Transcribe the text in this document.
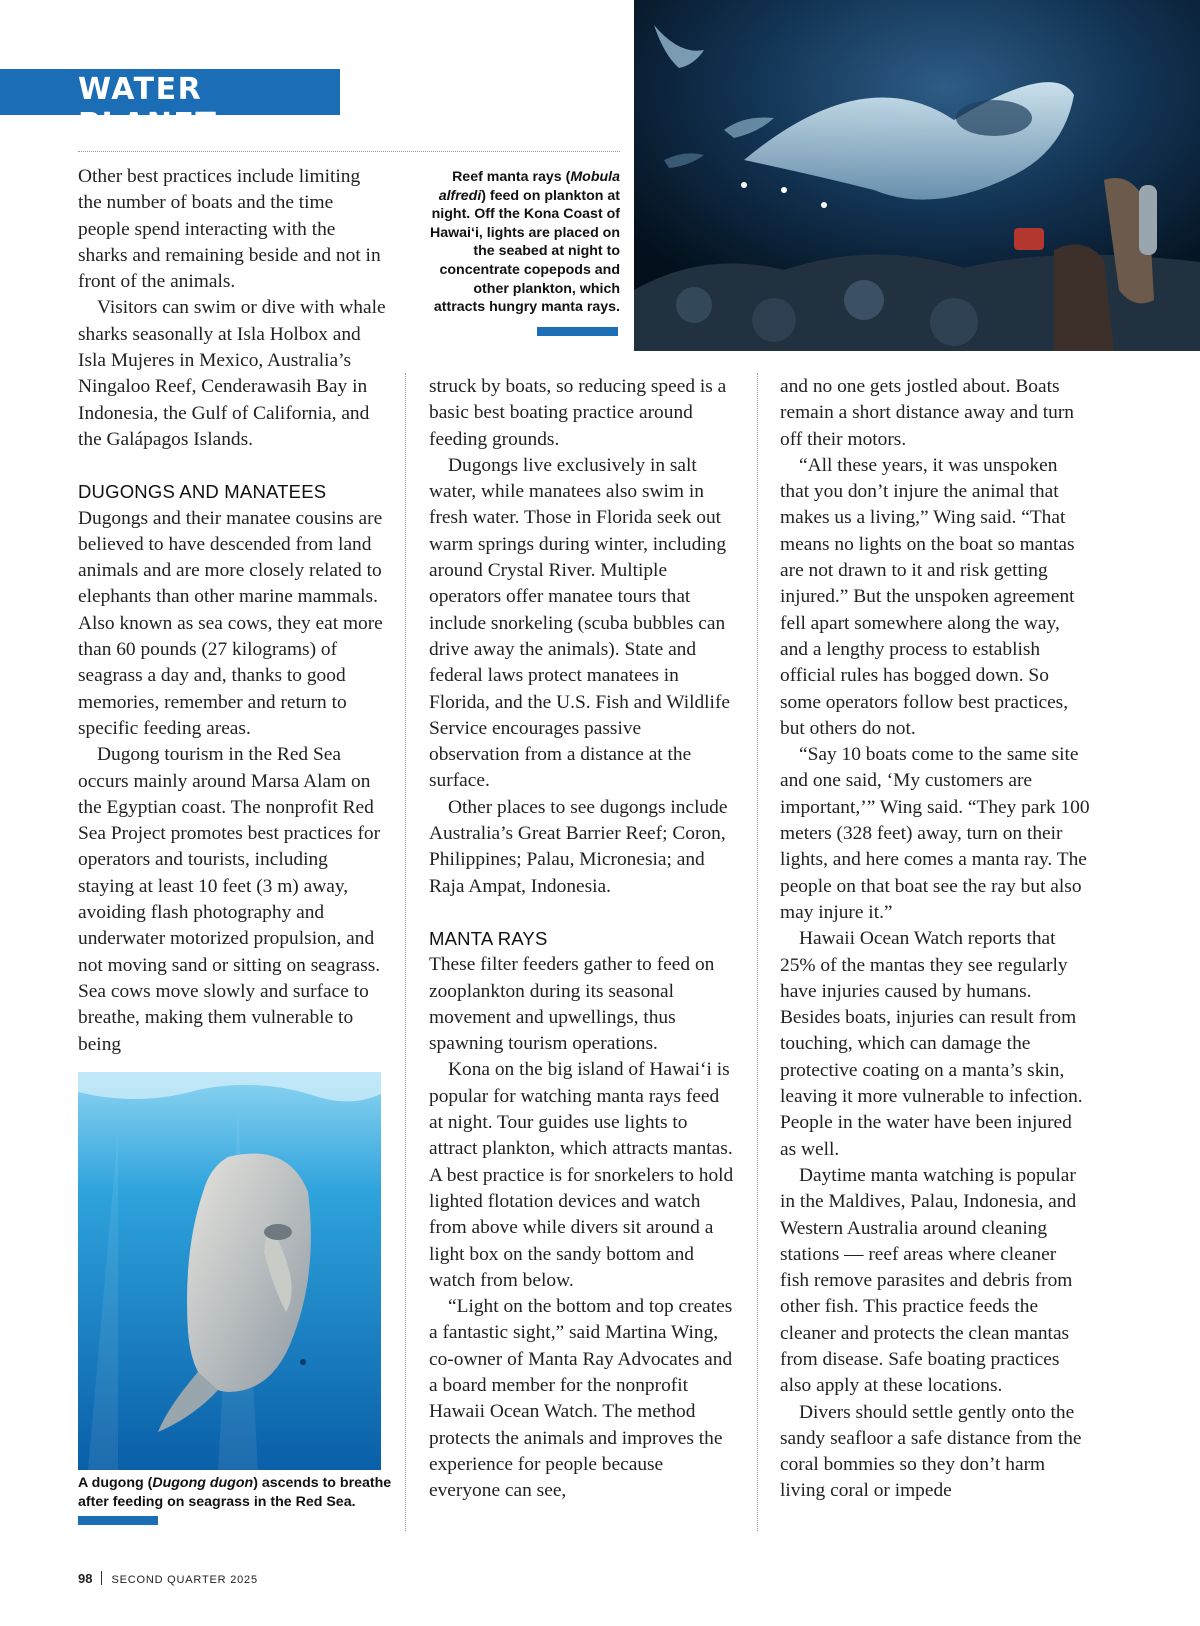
WATER PLANET
Reef manta rays (Mobula alfredi) feed on plankton at night. Off the Kona Coast of Hawai‘i, lights are placed on the seabed at night to concentrate copepods and other plankton, which attracts hungry manta rays.

Other best practices include limiting the number of boats and the time people spend interacting with the sharks and remaining beside and not in front of the animals.

Visitors can swim or dive with whale sharks seasonally at Isla Holbox and Isla Mujeres in Mexico, Australia’s Ningaloo Reef, Cenderawasih Bay in Indonesia, the Gulf of California, and the Galápagos Islands.

DUGONGS AND MANATEES

Dugongs and their manatee cousins are believed to have descended from land animals and are more closely related to elephants than other marine mammals. Also known as sea cows, they eat more than 60 pounds (27 kilograms) of seagrass a day and, thanks to good memories, remember and return to specific feeding areas.

Dugong tourism in the Red Sea occurs mainly around Marsa Alam on the Egyptian coast. The nonprofit Red Sea Project promotes best practices for operators and tourists, including staying at least 10 feet (3 m) away, avoiding flash photography and underwater motorized propulsion, and not moving sand or sitting on seagrass. Sea cows move slowly and surface to breathe, making them vulnerable to being

A dugong (Dugong dugon) ascends to breathe after feeding on seagrass in the Red Sea.

struck by boats, so reducing speed is a basic best boating practice around feeding grounds.

Dugongs live exclusively in salt water, while manatees also swim in fresh water. Those in Florida seek out warm springs during winter, including around Crystal River. Multiple operators offer manatee tours that include snorkeling (scuba bubbles can drive away the animals). State and federal laws protect manatees in Florida, and the U.S. Fish and Wildlife Service encourages passive observation from a distance at the surface.

Other places to see dugongs include Australia’s Great Barrier Reef; Coron, Philippines; Palau, Micronesia; and Raja Ampat, Indonesia.

MANTA RAYS

These filter feeders gather to feed on zooplankton during its seasonal movement and upwellings, thus spawning tourism operations.

Kona on the big island of Hawai‘i is popular for watching manta rays feed at night. Tour guides use lights to attract plankton, which attracts mantas. A best practice is for snorkelers to hold lighted flotation devices and watch from above while divers sit around a light box on the sandy bottom and watch from below.

“Light on the bottom and top creates a fantastic sight,” said Martina Wing, co-owner of Manta Ray Advocates and a board member for the nonprofit Hawaii Ocean Watch. The method protects the animals and improves the experience for people because everyone can see,

and no one gets jostled about. Boats remain a short distance away and turn off their motors.

“All these years, it was unspoken that you don’t injure the animal that makes us a living,” Wing said. “That means no lights on the boat so mantas are not drawn to it and risk getting injured.” But the unspoken agreement fell apart somewhere along the way, and a lengthy process to establish official rules has bogged down. So some operators follow best practices, but others do not.

“Say 10 boats come to the same site and one said, ‘My customers are important,’” Wing said. “They park 100 meters (328 feet) away, turn on their lights, and here comes a manta ray. The people on that boat see the ray but also may injure it.”

Hawaii Ocean Watch reports that 25% of the mantas they see regularly have injuries caused by humans. Besides boats, injuries can result from touching, which can damage the protective coating on a manta’s skin, leaving it more vulnerable to infection. People in the water have been injured as well.

Daytime manta watching is popular in the Maldives, Palau, Indonesia, and Western Australia around cleaning stations — reef areas where cleaner fish remove parasites and debris from other fish. This practice feeds the cleaner and protects the clean mantas from disease. Safe boating practices also apply at these locations.

Divers should settle gently onto the sandy seafloor a safe distance from the coral bommies so they don’t harm living coral or impede

98 SECOND QUARTER 2025
